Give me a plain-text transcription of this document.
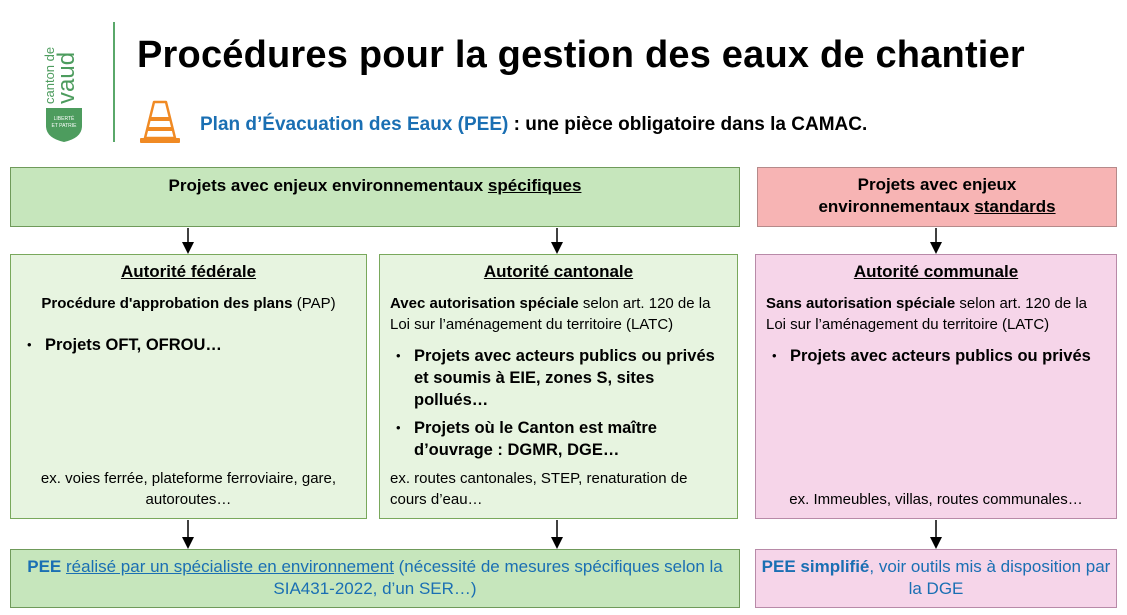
canton de
vaud
LIBERTÉ
ET PATRIE
Procédures pour la gestion des eaux de chantier
Plan d’Évacuation des Eaux (PEE) : une pièce obligatoire dans la CAMAC.
Projets avec enjeux environnementaux spécifiques	Projets avec enjeux
environnementaux standards
Autorité fédérale
Procédure d'approbation des plans (PAP)
• Projets OFT, OFROU…
ex. voies ferrée, plateforme ferroviaire, gare, autoroutes…
Autorité cantonale
Avec autorisation spéciale selon art. 120 de la Loi sur l’aménagement du territoire (LATC)
• Projets avec acteurs publics ou privés et soumis à EIE, zones S, sites pollués…
• Projets où le Canton est maître d’ouvrage : DGMR, DGE…
ex. routes cantonales, STEP, renaturation de cours d’eau…
Autorité communale
Sans autorisation spéciale selon art. 120 de la Loi sur l’aménagement du territoire (LATC)
• Projets avec acteurs publics ou privés
ex. Immeubles, villas, routes communales…
PEE réalisé par un spécialiste en environnement (nécessité de mesures spécifiques selon la SIA431-2022, d’un SER…)
PEE simplifié, voir outils mis à disposition par la DGE
